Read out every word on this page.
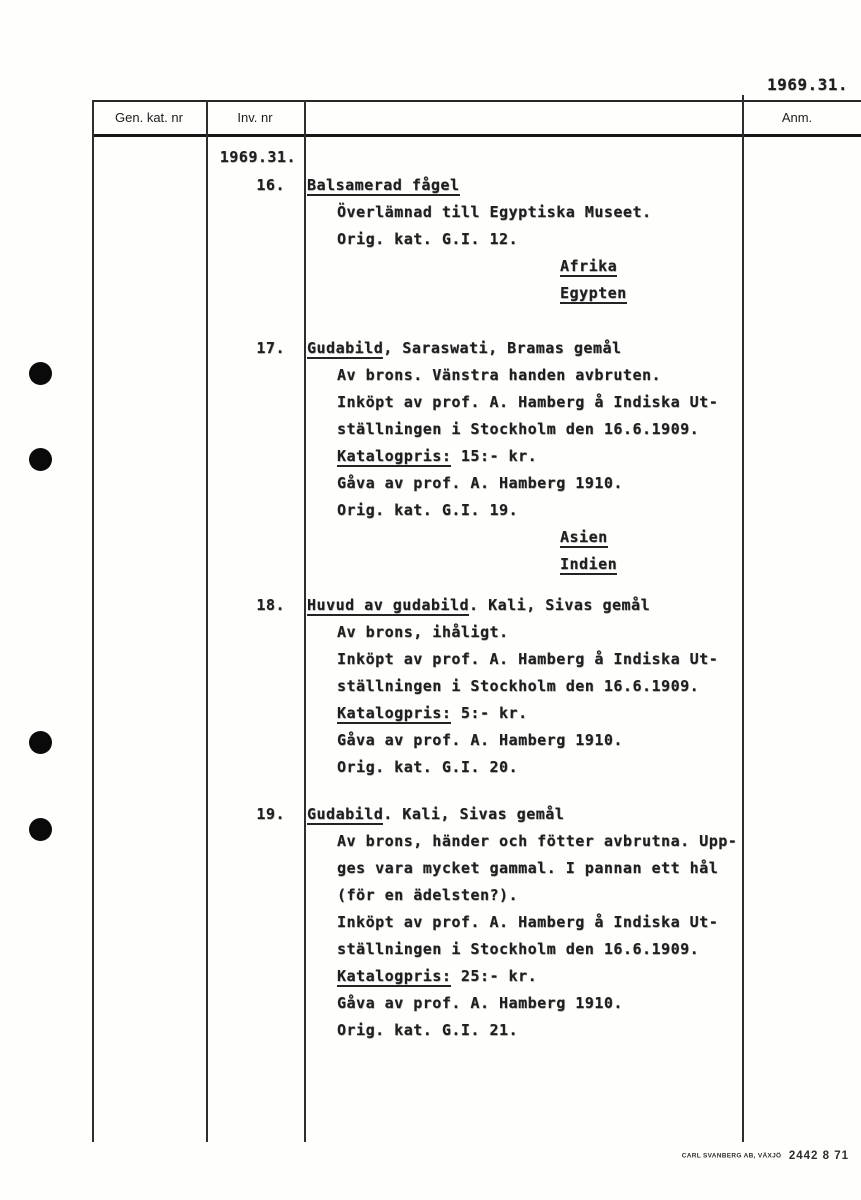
1969.31.
Gen. kat. nr	Inv. nr	Anm.
1969.31.
16. Balsamerad fågel
Överlämnad till Egyptiska Museet.
Orig. kat. G.I. 12.
Afrika
Egypten
17. Gudabild, Saraswati, Bramas gemål
Av brons. Vänstra handen avbruten.
Inköpt av prof. A. Hamberg å Indiska Ut-
ställningen i Stockholm den 16.6.1909.
Katalogpris: 15:- kr.
Gåva av prof. A. Hamberg 1910.
Orig. kat. G.I. 19.
Asien
Indien
18. Huvud av gudabild. Kali, Sivas gemål
Av brons, ihåligt.
Inköpt av prof. A. Hamberg å Indiska Ut-
ställningen i Stockholm den 16.6.1909.
Katalogpris: 5:- kr.
Gåva av prof. A. Hamberg 1910.
Orig. kat. G.I. 20.
19. Gudabild. Kali, Sivas gemål
Av brons, händer och fötter avbrutna. Upp-
ges vara mycket gammal. I pannan ett hål
(för en ädelsten?).
Inköpt av prof. A. Hamberg å Indiska Ut-
ställningen i Stockholm den 16.6.1909.
Katalogpris: 25:- kr.
Gåva av prof. A. Hamberg 1910.
Orig. kat. G.I. 21.
CARL SVANBERG AB, VÄXJÖ 2442 8 71
